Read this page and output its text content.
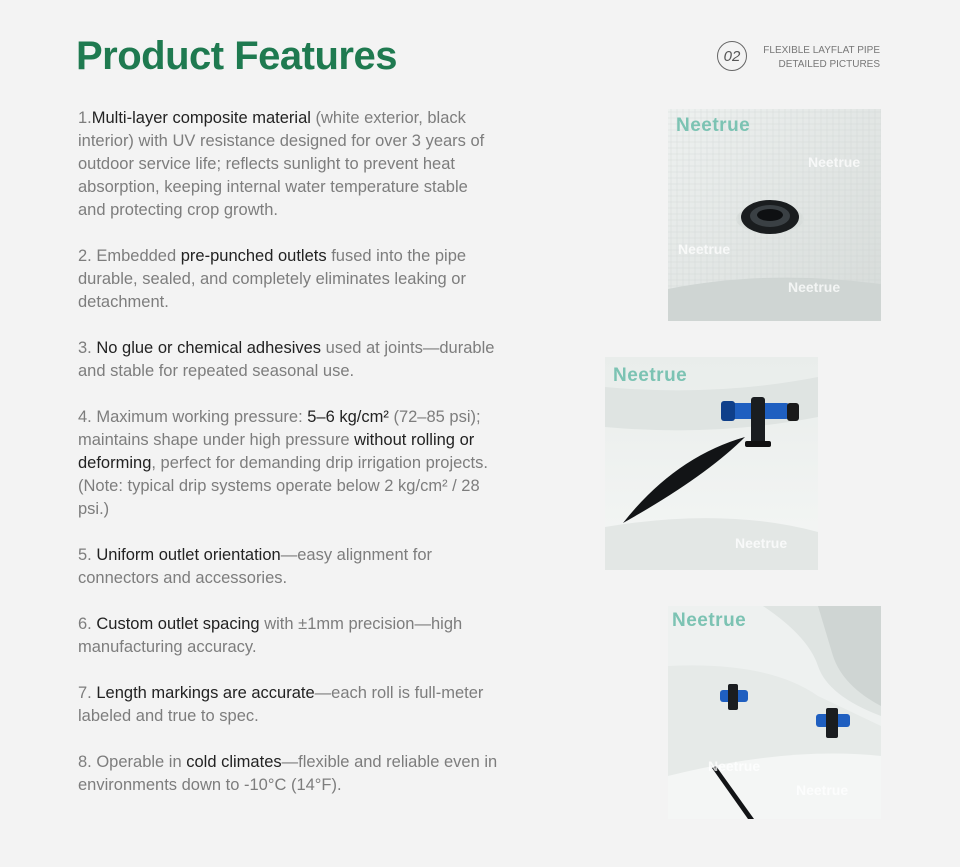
Product Features	02	FLEXIBLE LAYFLAT PIPE
DETAILED PICTURES
1.Multi-layer composite material (white exterior, black interior) with UV resistance designed for over 3 years of outdoor service life; reflects sunlight to prevent heat absorption, keeping internal water temperature stable and protecting crop growth.
2. Embedded pre-punched outlets fused into the pipe durable, sealed, and completely eliminates leaking or detachment.
3. No glue or chemical adhesives used at joints—durable and stable for repeated seasonal use.
4. Maximum working pressure: 5–6 kg/cm² (72–85 psi); maintains shape under high pressure without rolling or deforming, perfect for demanding drip irrigation projects.
(Note: typical drip systems operate below 2 kg/cm² / 28 psi.)
5. Uniform outlet orientation—easy alignment for connectors and accessories.
6. Custom outlet spacing with ±1mm precision—high manufacturing accuracy.
7. Length markings are accurate—each roll is full-meter labeled and true to spec.
8. Operable in cold climates—flexible and reliable even in environments down to -10°C (14°F).
Neetrue
Neetrue
Neetrue
Neetrue
Neetrue
Neetrue
Neetrue
Neetrue
Neetrue
